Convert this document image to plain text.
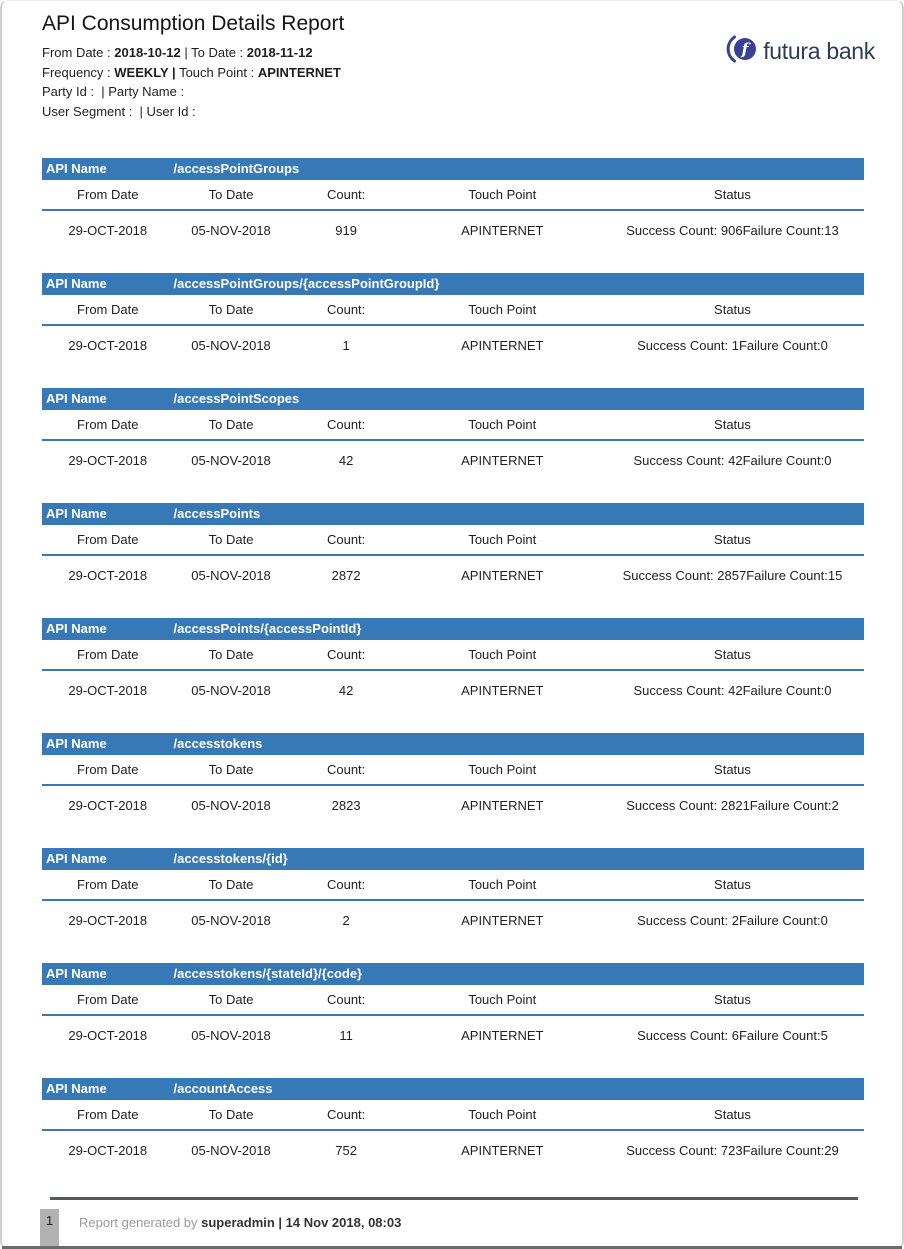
API Consumption Details Report
From Date : 2018-10-12 | To Date : 2018-11-12
Frequency : WEEKLY | Touch Point : APINTERNET
Party Id :  | Party Name :
User Segment :  | User Id :
f futura bank
API Name	/accessPointGroups
From Date	To Date	Count:	Touch Point	Status
29-OCT-2018	05-NOV-2018	919	APINTERNET	Success Count: 906Failure Count:13
API Name	/accessPointGroups/{accessPointGroupId}
From Date	To Date	Count:	Touch Point	Status
29-OCT-2018	05-NOV-2018	1	APINTERNET	Success Count: 1Failure Count:0
API Name	/accessPointScopes
From Date	To Date	Count:	Touch Point	Status
29-OCT-2018	05-NOV-2018	42	APINTERNET	Success Count: 42Failure Count:0
API Name	/accessPoints
From Date	To Date	Count:	Touch Point	Status
29-OCT-2018	05-NOV-2018	2872	APINTERNET	Success Count: 2857Failure Count:15
API Name	/accessPoints/{accessPointId}
From Date	To Date	Count:	Touch Point	Status
29-OCT-2018	05-NOV-2018	42	APINTERNET	Success Count: 42Failure Count:0
API Name	/accesstokens
From Date	To Date	Count:	Touch Point	Status
29-OCT-2018	05-NOV-2018	2823	APINTERNET	Success Count: 2821Failure Count:2
API Name	/accesstokens/{id}
From Date	To Date	Count:	Touch Point	Status
29-OCT-2018	05-NOV-2018	2	APINTERNET	Success Count: 2Failure Count:0
API Name	/accesstokens/{stateId}/{code}
From Date	To Date	Count:	Touch Point	Status
29-OCT-2018	05-NOV-2018	11	APINTERNET	Success Count: 6Failure Count:5
API Name	/accountAccess
From Date	To Date	Count:	Touch Point	Status
29-OCT-2018	05-NOV-2018	752	APINTERNET	Success Count: 723Failure Count:29
1	Report generated by superadmin | 14 Nov 2018, 08:03
